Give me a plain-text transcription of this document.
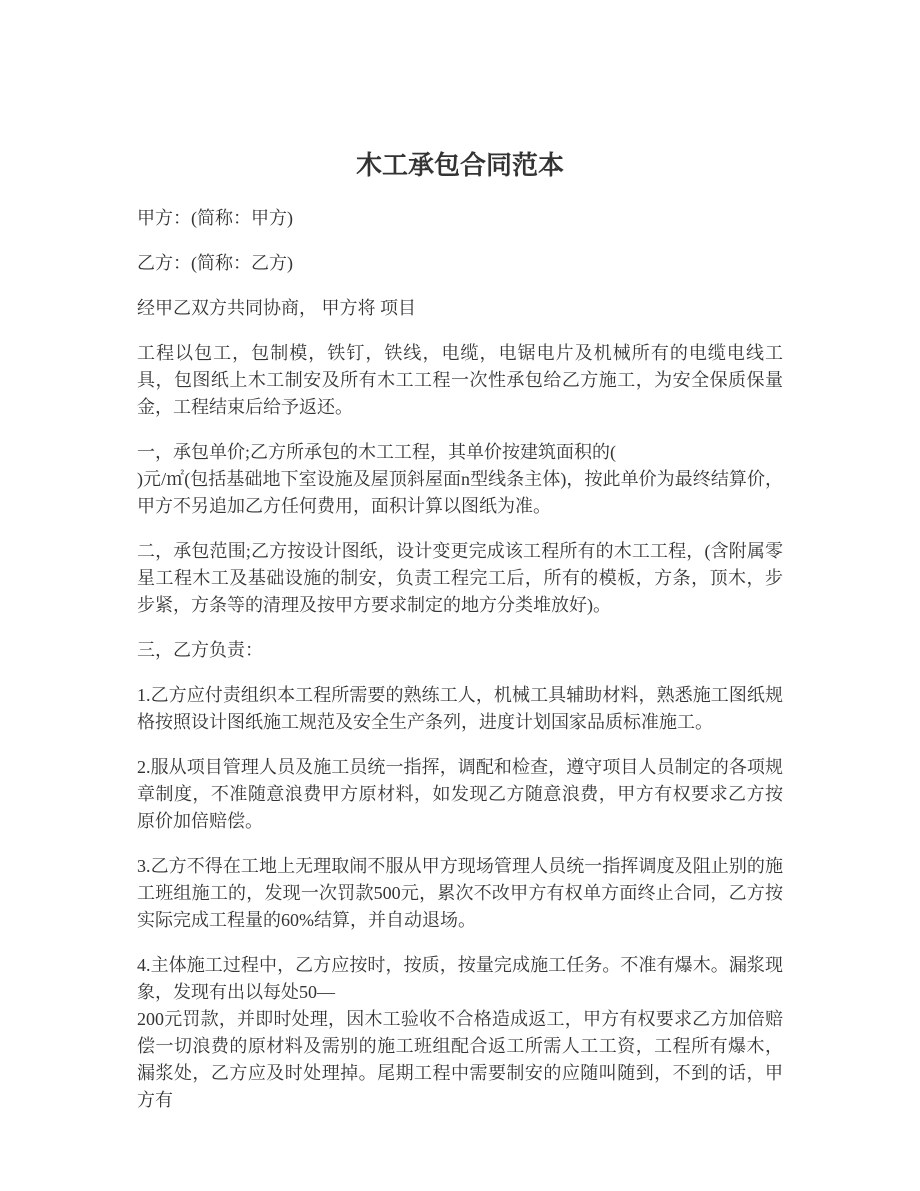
木工承包合同范本

甲方：(简称：甲方)

乙方：(简称：乙方)

经甲乙双方共同协商， 甲方将 项目

工程以包工，包制模，铁钉，铁线，电缆，电锯电片及机械所有的电缆电线工具，包图纸上木工制安及所有木工工程一次性承包给乙方施工，为安全保质保量金，工程结束后给予返还。

一，承包单价;乙方所承包的木工工程，其单价按建筑面积的(
)元/㎡(包括基础地下室设施及屋顶斜屋面n型线条主体)，按此单价为最终结算价，甲方不另追加乙方任何费用，面积计算以图纸为准。

二，承包范围;乙方按设计图纸，设计变更完成该工程所有的木工工程，(含附属零星工程木工及基础设施的制安，负责工程完工后，所有的模板，方条，顶木，步步紧，方条等的清理及按甲方要求制定的地方分类堆放好)。

三，乙方负责：

1.乙方应付责组织本工程所需要的熟练工人，机械工具辅助材料，熟悉施工图纸规格按照设计图纸施工规范及安全生产条列，进度计划国家品质标准施工。

2.服从项目管理人员及施工员统一指挥，调配和检查，遵守项目人员制定的各项规章制度，不准随意浪费甲方原材料，如发现乙方随意浪费，甲方有权要求乙方按原价加倍赔偿。

3.乙方不得在工地上无理取闹不服从甲方现场管理人员统一指挥调度及阻止别的施工班组施工的，发现一次罚款500元，累次不改甲方有权单方面终止合同，乙方按实际完成工程量的60%结算，并自动退场。

4.主体施工过程中，乙方应按时，按质，按量完成施工任务。不准有爆木。漏浆现象，发现有出以每处50—
200元罚款，并即时处理，因木工验收不合格造成返工，甲方有权要求乙方加倍赔偿一切浪费的原材料及需别的施工班组配合返工所需人工工资，工程所有爆木，漏浆处，乙方应及时处理掉。尾期工程中需要制安的应随叫随到，不到的话，甲方有
